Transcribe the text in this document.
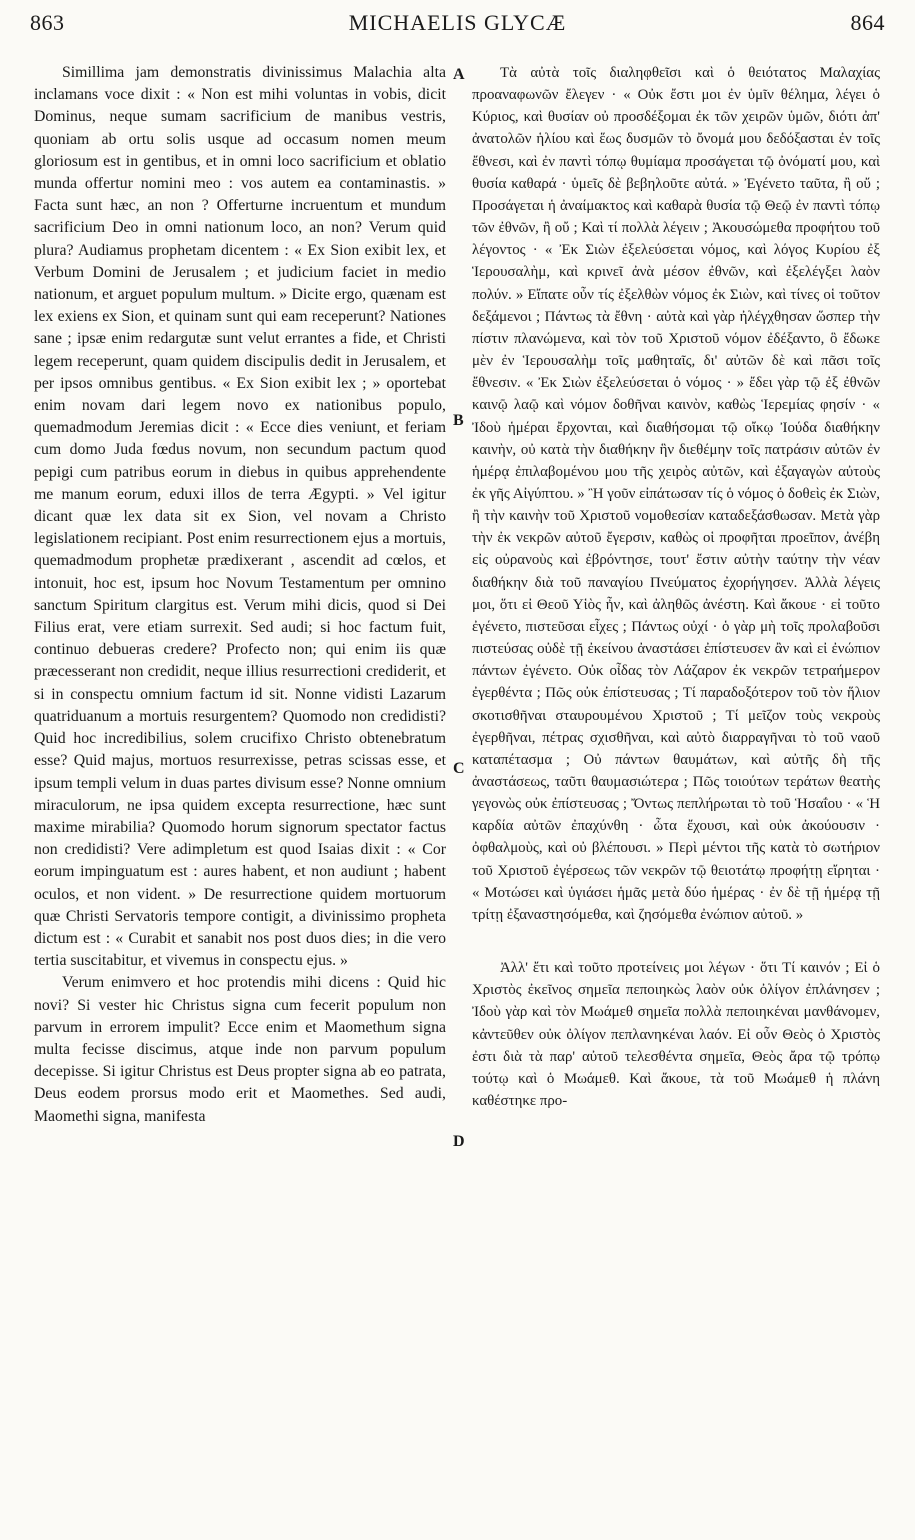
863	MICHAELIS GLYCÆ	864

Simillima jam demonstratis divinissimus Malachia alta inclamans voce dixit : « Non est mihi voluntas in vobis, dicit Dominus, neque sumam sacrificium de manibus vestris, quoniam ab ortu solis usque ad occasum nomen meum gloriosum est in gentibus, et in omni loco sacrificium et oblatio munda offertur nomini meo : vos autem ea contaminastis. » Facta sunt hæc, an non ? Offerturne incruentum et mundum sacrificium Deo in omni nationum loco, an non? Verum quid plura? Audiamus prophetam dicentem : « Ex Sion exibit lex, et Verbum Domini de Jerusalem ; et judicium faciet in medio nationum, et arguet populum multum. » Dicite ergo, quænam est lex exiens ex Sion, et quinam sunt qui eam receperunt? Nationes sane ; ipsæ enim redargutæ sunt velut errantes a fide, et Christi legem receperunt, quam quidem discipulis dedit in Jerusalem, et per ipsos omnibus gentibus. « Ex Sion exibit lex ; » oportebat enim novam dari legem novo ex nationibus populo, quemadmodum Jeremias dicit : « Ecce dies veniunt, et feriam cum domo Juda fœdus novum, non secundum pactum quod pepigi cum patribus eorum in diebus in quibus apprehendente me manum eorum, eduxi illos de terra Ægypti. » Vel igitur dicant quæ lex data sit ex Sion, vel novam a Christo legislationem recipiant. Post enim resurrectionem ejus a mortuis, quemadmodum prophetæ prædixerant , ascendit ad cœlos, et intonuit, hoc est, ipsum hoc Novum Testamentum per omnino sanctum Spiritum clargitus est. Verum mihi dicis, quod si Dei Filius erat, vere etiam surrexit. Sed audi; si hoc factum fuit, continuo debueras credere? Profecto non; qui enim iis quæ præcesserant non credidit, neque illius resurrectioni crediderit, et si in conspectu omnium factum id sit. Nonne vidisti Lazarum quatriduanum a mortuis resurgentem? Quomodo non credidisti? Quid hoc incredibilius, solem crucifixo Christo obtenebratum esse? Quid majus, mortuos resurrexisse, petras scissas esse, et ipsum templi velum in duas partes divisum esse? Nonne omnium miraculorum, ne ipsa quidem excepta resurrectione, hæc sunt maxime mirabilia? Quomodo horum signorum spectator factus non credidisti? Vere adimpletum est quod Isaias dixit : « Cor eorum impinguatum est : aures habent, et non audiunt ; habent oculos, et non vident. » De resurrectione quidem mortuorum quæ Christi Servatoris tempore contigit, a divinissimo propheta dictum est : « Curabit et sanabit nos post duos dies; in die vero tertia suscitabitur, et vivemus in conspectu ejus. »

Verum enimvero et hoc protendis mihi dicens : Quid hic novi? Si vester hic Christus signa cum fecerit populum non parvum in errorem impulit? Ecce enim et Maomethum signa multa fecisse discimus, atque inde non parvum populum decepisse. Si igitur Christus est Deus propter signa ab eo patrata, Deus eodem prorsus modo erit et Maomethes. Sed audi, Maomethi signa, manifesta

A
B
C
D

Τὰ αὐτὰ τοῖς διαληφθεῖσι καὶ ὁ θειότατος Μαλαχίας προαναφωνῶν ἔλεγεν · « Οὐκ ἔστι μοι ἐν ὑμῖν θέλημα, λέγει ὁ Κύριος, καὶ θυσίαν οὐ προσδέξομαι ἐκ τῶν χειρῶν ὑμῶν, διότι ἀπ' ἀνατολῶν ἡλίου καὶ ἕως δυσμῶν τὸ ὄνομά μου δεδόξασται ἐν τοῖς ἔθνεσι, καὶ ἐν παντὶ τόπῳ θυμίαμα προσάγεται τῷ ὀνόματί μου, καὶ θυσία καθαρά · ὑμεῖς δὲ βεβηλοῦτε αὐτά. » Ἐγένετο ταῦτα, ἢ οὔ ; Προσάγεται ἡ ἀναίμακτος καὶ καθαρὰ θυσία τῷ Θεῷ ἐν παντὶ τόπῳ τῶν ἐθνῶν, ἢ οὔ ; Καὶ τί πολλὰ λέγειν ; Ἀκουσώμεθα προφήτου τοῦ λέγοντος · « Ἐκ Σιὼν ἐξελεύσεται νόμος, καὶ λόγος Κυρίου ἐξ Ἱερουσαλὴμ, καὶ κρινεῖ ἀνὰ μέσον ἐθνῶν, καὶ ἐξελέγξει λαὸν πολύν. » Εἴπατε οὖν τίς ἐξελθὼν νόμος ἐκ Σιὼν, καὶ τίνες οἱ τοῦτον δεξάμενοι ; Πάντως τὰ ἔθνη · αὐτὰ καὶ γὰρ ἠλέγχθησαν ὥσπερ τὴν πίστιν πλανώμενα, καὶ τὸν τοῦ Χριστοῦ νόμον ἐδέξαντο, ὃ ἔδωκε μὲν ἐν Ἱερουσαλὴμ τοῖς μαθηταῖς, δι' αὐτῶν δὲ καὶ πᾶσι τοῖς ἔθνεσιν. « Ἐκ Σιὼν ἐξελεύσεται ὁ νόμος · » ἔδει γὰρ τῷ ἐξ ἐθνῶν καινῷ λαῷ καὶ νόμον δοθῆναι καινὸν, καθὼς Ἱερεμίας φησίν · « Ἰδοὺ ἡμέραι ἔρχονται, καὶ διαθήσομαι τῷ οἴκῳ Ἰούδα διαθήκην καινὴν, οὐ κατὰ τὴν διαθήκην ἣν διεθέμην τοῖς πατράσιν αὐτῶν ἐν ἡμέρᾳ ἐπιλαβομένου μου τῆς χειρὸς αὐτῶν, καὶ ἐξαγαγὼν αὐτοὺς ἐκ γῆς Αἰγύπτου. » Ἢ γοῦν εἰπάτωσαν τίς ὁ νόμος ὁ δοθεὶς ἐκ Σιὼν, ἢ τὴν καινὴν τοῦ Χριστοῦ νομοθεσίαν καταδεξάσθωσαν. Μετὰ γὰρ τὴν ἐκ νεκρῶν αὐτοῦ ἔγερσιν, καθὼς οἱ προφῆται προεῖπον, ἀνέβη εἰς οὐρανοὺς καὶ ἐβρόντησε, τουτ' ἔστιν αὐτὴν ταύτην τὴν νέαν διαθήκην διὰ τοῦ παναγίου Πνεύματος ἐχορήγησεν. Ἀλλὰ λέγεις μοι, ὅτι εἰ Θεοῦ Υἱὸς ἦν, καὶ ἀληθῶς ἀνέστη. Καὶ ἄκουε · εἰ τοῦτο ἐγένετο, πιστεῦσαι εἶχες ; Πάντως οὐχί · ὁ γὰρ μὴ τοῖς προλαβοῦσι πιστεύσας οὐδὲ τῇ ἐκείνου ἀναστάσει ἐπίστευσεν ἂν καὶ εἰ ἐνώπιον πάντων ἐγένετο. Οὐκ οἶδας τὸν Λάζαρον ἐκ νεκρῶν τετραήμερον ἐγερθέντα ; Πῶς οὐκ ἐπίστευσας ; Τί παραδοξότερον τοῦ τὸν ἥλιον σκοτισθῆναι σταυρουμένου Χριστοῦ ; Τί μεῖζον τοὺς νεκροὺς ἐγερθῆναι, πέτρας σχισθῆναι, καὶ αὐτὸ διαρραγῆναι τὸ τοῦ ναοῦ καταπέτασμα ; Οὐ πάντων θαυμάτων, καὶ αὐτῆς δὴ τῆς ἀναστάσεως, ταῦτι θαυμασιώτερα ; Πῶς τοιούτων τεράτων θεατὴς γεγονὼς οὐκ ἐπίστευσας ; Ὄντως πεπλήρωται τὸ τοῦ Ἡσαΐου · « Ἡ καρδία αὐτῶν ἐπαχύνθη · ὦτα ἔχουσι, καὶ οὐκ ἀκούουσιν · ὀφθαλμοὺς, καὶ οὐ βλέπουσι. » Περὶ μέντοι τῆς κατὰ τὸ σωτήριον τοῦ Χριστοῦ ἐγέρσεως τῶν νεκρῶν τῷ θειοτάτῳ προφήτῃ εἴρηται · « Μοτώσει καὶ ὑγιάσει ἡμᾶς μετὰ δύο ἡμέρας · ἐν δὲ τῇ ἡμέρᾳ τῇ τρίτῃ ἐξαναστησόμεθα, καὶ ζησόμεθα ἐνώπιον αὐτοῦ. »

Ἀλλ' ἔτι καὶ τοῦτο προτείνεις μοι λέγων · ὅτι Τί καινόν ; Εἰ ὁ Χριστὸς ἐκεῖνος σημεῖα πεποιηκὼς λαὸν οὐκ ὀλίγον ἐπλάνησεν ; Ἰδοὺ γὰρ καὶ τὸν Μωάμεθ σημεῖα πολλὰ πεποιηκέναι μανθάνομεν, κἀντεῦθεν οὐκ ὀλίγον πεπλανηκέναι λαόν. Εἰ οὖν Θεὸς ὁ Χριστὸς ἐστι διὰ τὰ παρ' αὐτοῦ τελεσθέντα σημεῖα, Θεὸς ἄρα τῷ τρόπῳ τούτῳ καὶ ὁ Μωάμεθ. Καὶ ἄκουε, τὰ τοῦ Μωάμεθ ἡ πλάνη καθέστηκε προ-
